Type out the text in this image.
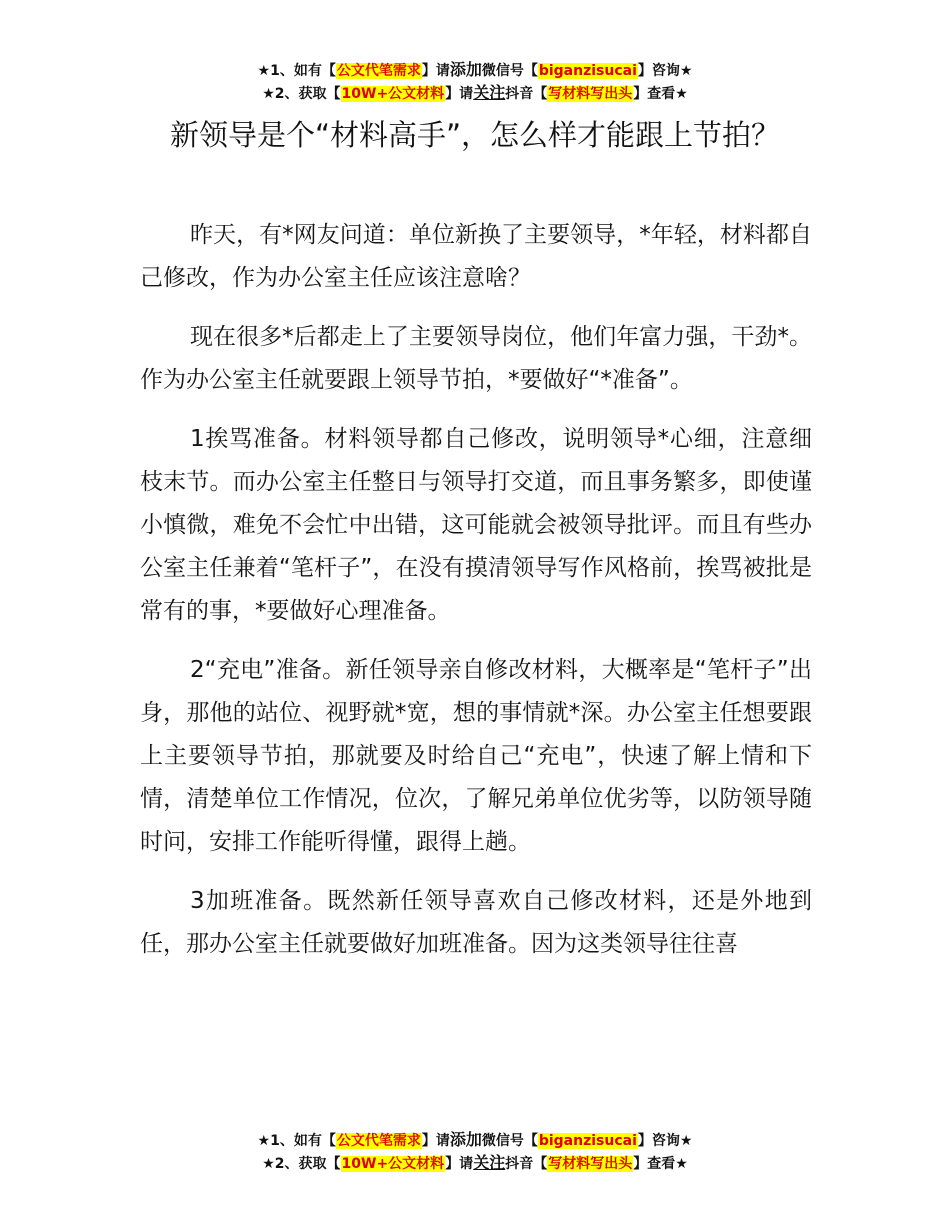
★1、如有【公文代笔需求】请添加微信号【biganzisucai】咨询★
★2、获取【10W+公文材料】请关注抖音【写材料写出头】查看★
新领导是个“材料高手”，怎么样才能跟上节拍？

昨天，有*网友问道：单位新换了主要领导，*年轻，材料都自己修改，作为办公室主任应该注意啥？

现在很多*后都走上了主要领导岗位，他们年富力强，干劲*。作为办公室主任就要跟上领导节拍，*要做好“*准备”。

1挨骂准备。材料领导都自己修改，说明领导*心细，注意细枝末节。而办公室主任整日与领导打交道，而且事务繁多，即使谨小慎微，难免不会忙中出错，这可能就会被领导批评。而且有些办公室主任兼着“笔杆子”，在没有摸清领导写作风格前，挨骂被批是常有的事，*要做好心理准备。

2“充电”准备。新任领导亲自修改材料，大概率是“笔杆子”出身，那他的站位、视野就*宽，想的事情就*深。办公室主任想要跟上主要领导节拍，那就要及时给自己“充电”，快速了解上情和下情，清楚单位工作情况，位次，了解兄弟单位优劣等，以防领导随时问，安排工作能听得懂，跟得上趟。

3加班准备。既然新任领导喜欢自己修改材料，还是外地到任，那办公室主任就要做好加班准备。因为这类领导往往喜

★1、如有【公文代笔需求】请添加微信号【biganzisucai】咨询★
★2、获取【10W+公文材料】请关注抖音【写材料写出头】查看★
